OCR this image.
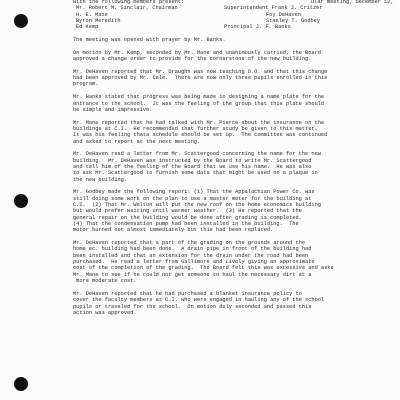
with the following members present:	ular meeting, December 12,
Mr. Robert M. Sinclair, Chairman
H. E. Mane
Byron Meredith
Ed Kemp
Superintendent Frank J. Critzer
Foy DeHaven
Stanley T. Godbey
Principal J. F. Banks
The meeting was opened with prayer by Mr. Banks.
On motion by Mr. Kemp, seconded by Mr. Mane and unanimously carried, the Board
approved a change order to provide for the cornerstone of the new building.
Mr. DeHaven reported that Mr. Draughn was now teaching D.O. and that this change
had been approved by Mr. Cale.  There are now only three pupils enrolled in this
program.
Mr. Banks stated that progress was being made in designing a name plate for the
entrance to the school.  It was the feeling of the group that this plate should
be simple and impressive.
Mr. Mane reported that he had talked with Mr. Pierce about the insurance on the
buildings at C.I.  He recommended that further study be given to this matter.
It was his feeling thata schedule should be set up.  The committee was continued
and asked to report at the next meeting.
Mr. DeHaven read a letter from Mr. Scattergood concerning the name for the new
building.  Mr. DeHaven was instructed by the Board to write Mr. Scattergood
and tell him of the feeling of the Board that we use his name.  He was also
to ask Mr. Scattergood to furnish some data that might be used on a plaque in
the new building.
Mr. Godbey made the following report: (1) That the Appalachian Power Co. was
still doing some work on the plan to use a master meter for the building at
C.I.  (2) That Mr. Walton will put the new roof on the home economics building
but would prefer waiting until warmer weather.  (3) He reported that the
general repair on the building would be done after grading is completed.
(4) That the condensation pump had been installed in the building.  The
motor burned out almost immediately but this had been replaced.
Mr. DeHaven reported that a part of the grading on the grounds around the
home ec. building had been done.  A drain pipe in front of the building had
been installed and that an extension for the drain under the road had been
purchased.  He read a letter from Gallimore and Lively giving an approximate
cost of the completion of the grading.  The Board felt this was excessive and aske
Mr. Mane to see if he could not get someone to haul the necessary dirt at a
more moderate cost.
Mr. DeHaven reported that he had purchased a blanket insurance policy to
cover the faculty members at C.I. who were engaged in hauling any of the school
pupils or traveled for the school.  On motion duly seconded and passed this
action was approved.
